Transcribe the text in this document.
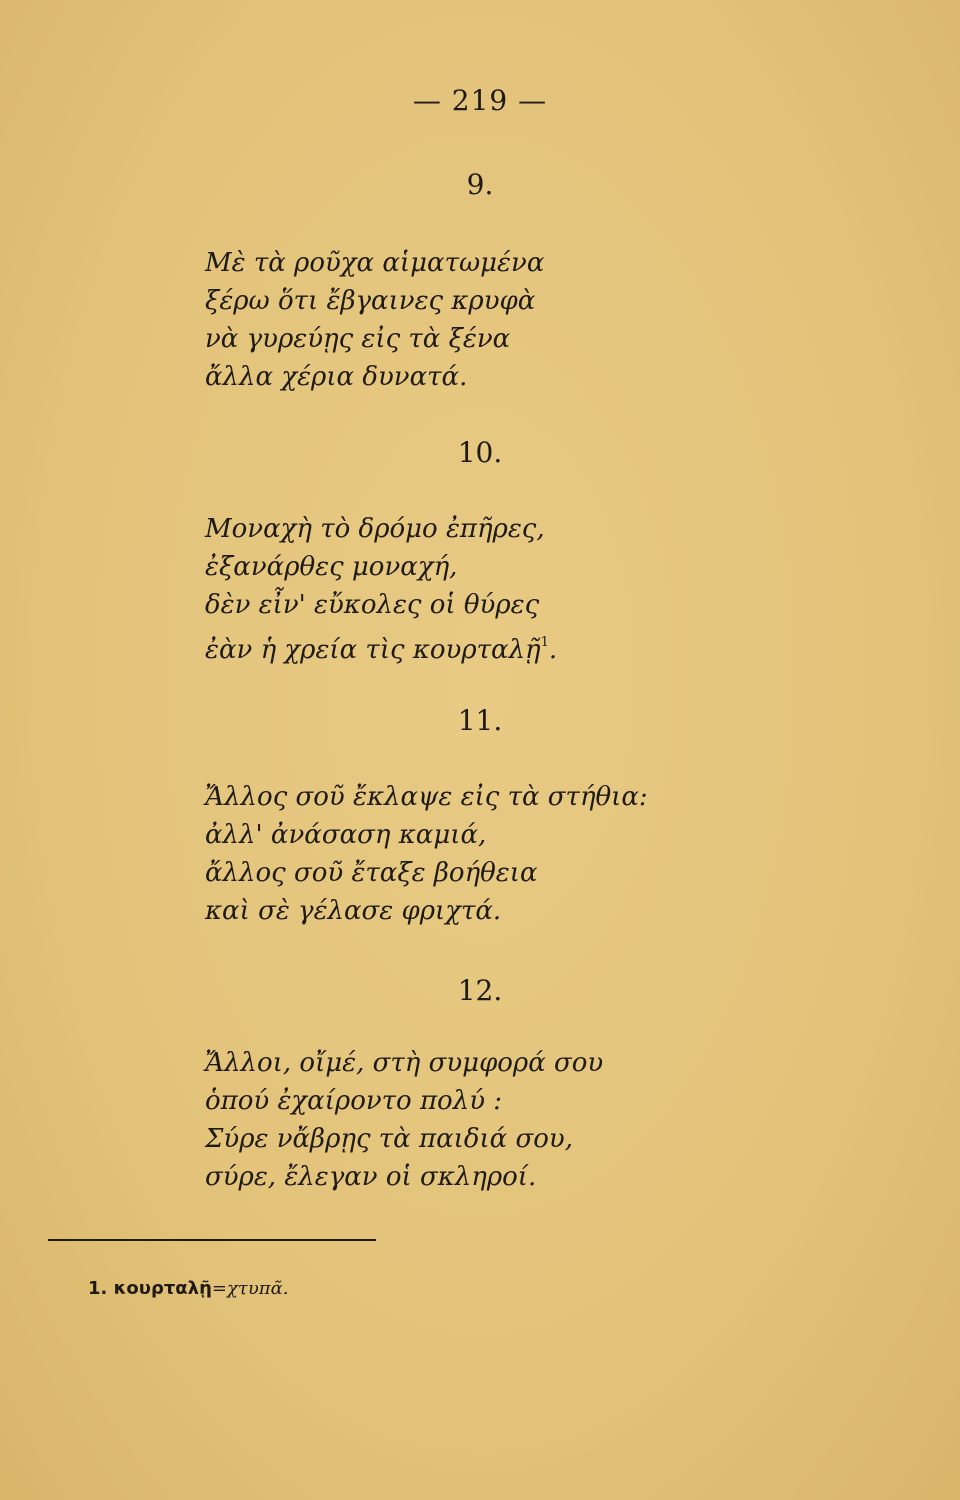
— 219 —
9.
Μὲ τὰ ροῦχα αἱματωμένα
ξέρω ὅτι ἔβγαινες κρυφὰ
νὰ γυρεύῃς εἰς τὰ ξένα
ἄλλα χέρια δυνατά.
10.
Μοναχὴ τὸ δρόμο ἐπῆρες,
ἐξανάρθες μοναχή,
δὲν εἶν' εὔκολες οἱ θύρες
ἐὰν ἡ χρεία τὶς κουρταλῇ$^1$.
11.
Ἄλλος σοῦ ἔκλαψε εἰς τὰ στήθια:
ἀλλ' ἀνάσαση καμιά,
ἄλλος σοῦ ἔταξε βοήθεια
καὶ σὲ γέλασε φριχτά.
12.
Ἄλλοι, οἴμέ, στὴ συμφορά σου
ὁπού ἐχαίροντο πολύ :
Σύρε νἄβρῃς τὰ παιδιά σου,
σύρε, ἔλεγαν οἱ σκληροί.
1. κουρταλῇ=χτυπᾶ.
